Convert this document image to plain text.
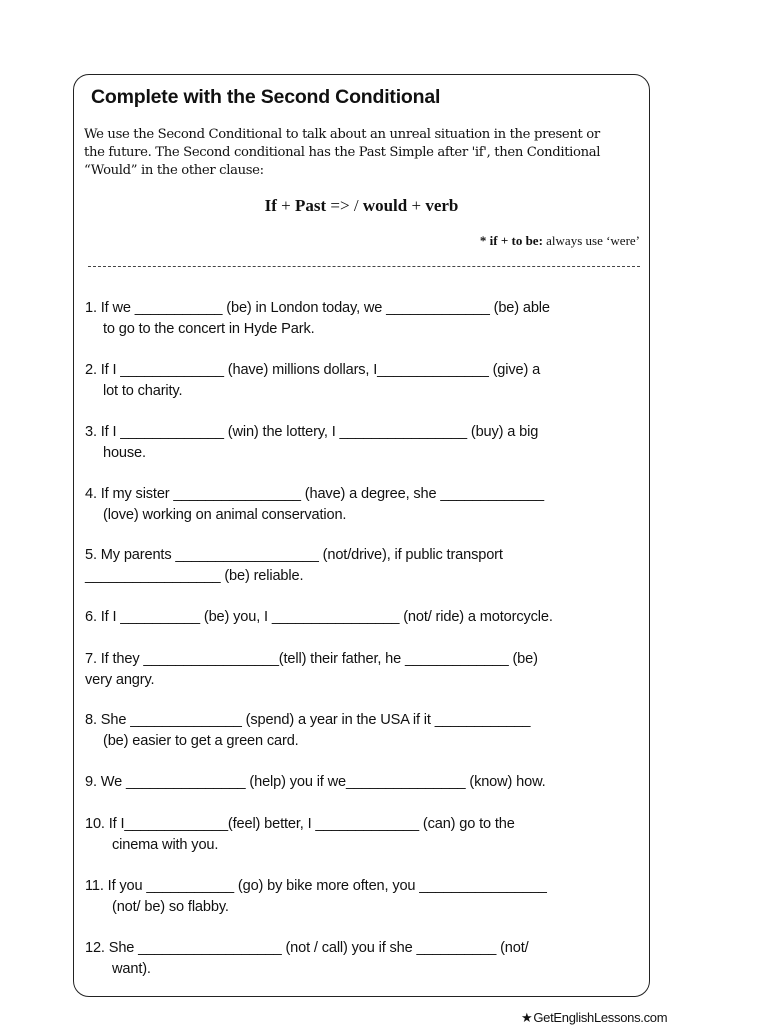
Complete with the Second Conditional
We use the Second Conditional to talk about an unreal situation in the present or
the future. The Second conditional has the Past Simple after 'if', then Conditional
“Would” in the other clause:
If + Past => / would + verb
* if + to be: always use ‘were’
1. If we ___________ (be) in London today, we _____________ (be) able
to go to the concert in Hyde Park.
2. If I _____________ (have) millions dollars, I______________ (give) a
lot to charity.
3. If I _____________ (win) the lottery, I ________________ (buy) a big
house.
4. If my sister ________________ (have) a degree, she _____________
(love) working on animal conservation.
5. My parents __________________ (not/drive), if public transport
_________________ (be) reliable.
6. If I __________ (be) you, I ________________ (not/ ride) a motorcycle.
7. If they _________________(tell) their father, he _____________ (be)
very angry.
8. She ______________ (spend) a year in the USA if it ____________
(be) easier to get a green card.
9. We _______________ (help) you if we_______________ (know) how.
10. If I_____________(feel) better, I _____________ (can) go to the
cinema with you.
11. If you ___________ (go) by bike more often, you ________________
(not/ be) so flabby.
12. She __________________ (not / call) you if she __________ (not/
want).
★GetEnglishLessons.com
